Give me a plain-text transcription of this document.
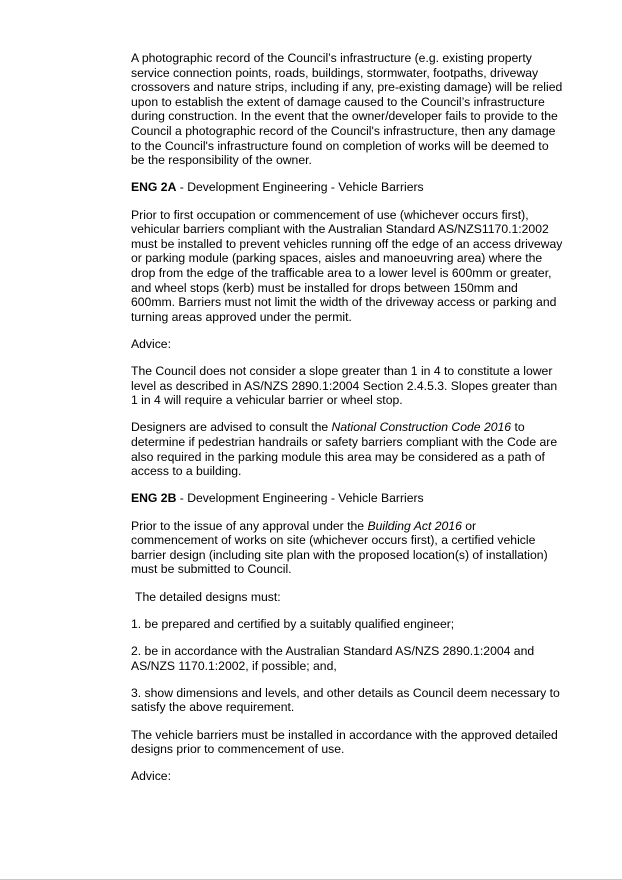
A photographic record of the Council’s infrastructure (e.g. existing property service connection points, roads, buildings, stormwater, footpaths, driveway crossovers and nature strips, including if any, pre-existing damage) will be relied upon to establish the extent of damage caused to the Council’s infrastructure during construction. In the event that the owner/developer fails to provide to the Council a photographic record of the Council's infrastructure, then any damage to the Council's infrastructure found on completion of works will be deemed to be the responsibility of the owner.

ENG 2A - Development Engineering - Vehicle Barriers

Prior to first occupation or commencement of use (whichever occurs first), vehicular barriers compliant with the Australian Standard AS/NZS1170.1:2002 must be installed to prevent vehicles running off the edge of an access driveway or parking module (parking spaces, aisles and manoeuvring area) where the drop from the edge of the trafficable area to a lower level is 600mm or greater, and wheel stops (kerb) must be installed for drops between 150mm and 600mm. Barriers must not limit the width of the driveway access or parking and turning areas approved under the permit.

Advice:

The Council does not consider a slope greater than 1 in 4 to constitute a lower level as described in AS/NZS 2890.1:2004 Section 2.4.5.3. Slopes greater than 1 in 4 will require a vehicular barrier or wheel stop.

Designers are advised to consult the National Construction Code 2016 to determine if pedestrian handrails or safety barriers compliant with the Code are also required in the parking module this area may be considered as a path of access to a building.

ENG 2B - Development Engineering - Vehicle Barriers

Prior to the issue of any approval under the Building Act 2016 or commencement of works on site (whichever occurs first), a certified vehicle barrier design (including site plan with the proposed location(s) of installation) must be submitted to Council.

The detailed designs must:

1. be prepared and certified by a suitably qualified engineer;

2. be in accordance with the Australian Standard AS/NZS 2890.1:2004 and AS/NZS 1170.1:2002, if possible; and,

3. show dimensions and levels, and other details as Council deem necessary to satisfy the above requirement.

The vehicle barriers must be installed in accordance with the approved detailed designs prior to commencement of use.

Advice:
